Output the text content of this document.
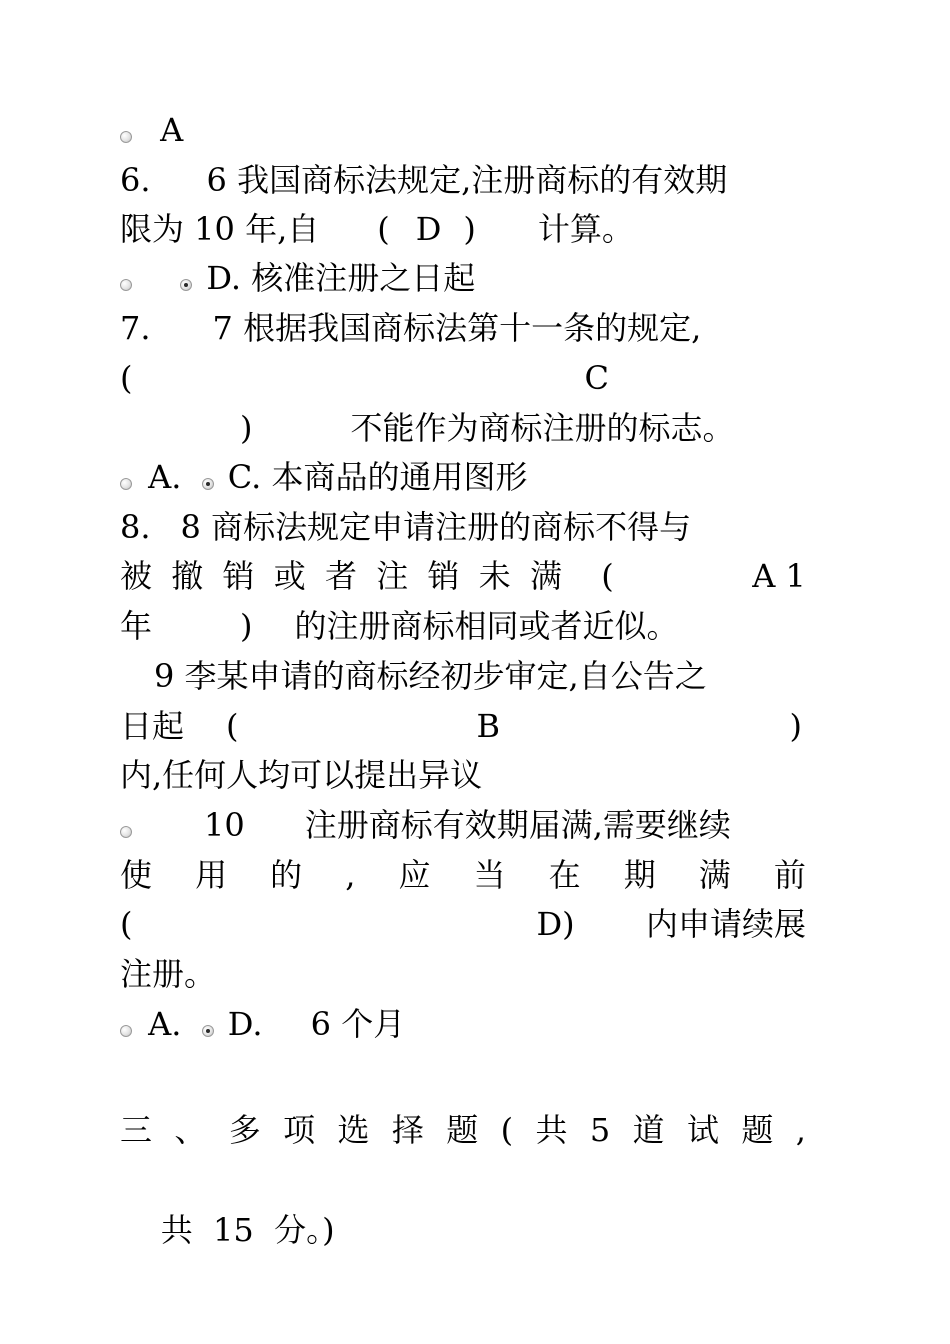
A
6. 6 我国商标法规定,注册商标的有效期
限为 10 年,自 ( D ) 计算。
D. 核准注册之日起
7. 7 根据我国商标法第十一条的规定,
(	C
)	不能作为商标注册的标志。
A. C. 本商品的通用图形
8. 8 商标法规定申请注册的商标不得与
被 撤 销 或 者 注 销 未 满 (	A 1
年	) 的注册商标相同或者近似。
9 李某申请的商标经初步审定,自公告之
日起 (	B	)
内,任何人均可以提出异议
10 注册商标有效期届满,需要继续
使 用 的 , 应 当 在 期 满 前
(	D) 内申请续展
注册。
A. D. 6 个月
三 、 多 项 选 择 题 ( 共 5 道 试 题 ,

共  15  分。)
